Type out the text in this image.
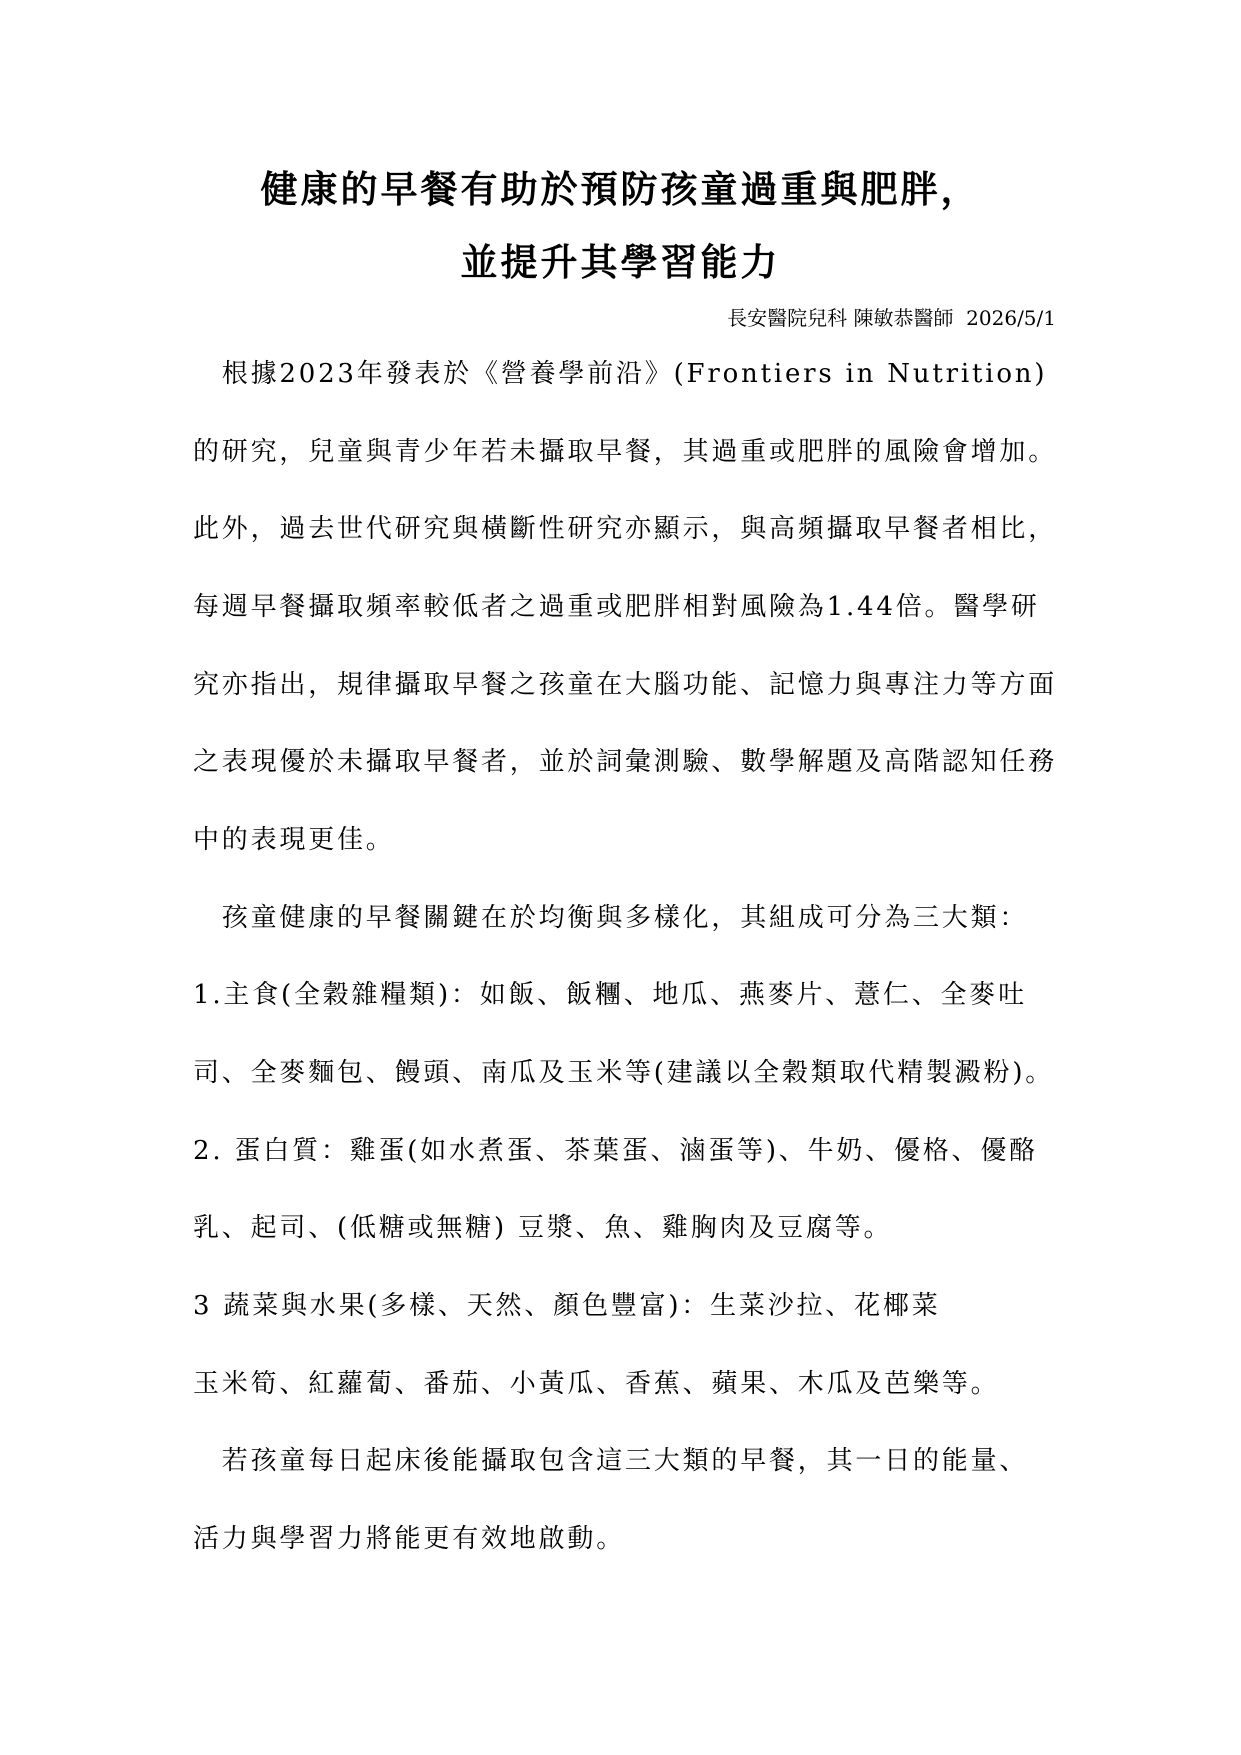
健康的早餐有助於預防孩童過重與肥胖，
並提升其學習能力
長安醫院兒科 陳敏恭醫師  2026/5/1
　根據2023年發表於《營養學前沿》(Frontiers in Nutrition)
的研究，兒童與青少年若未攝取早餐，其過重或肥胖的風險會增加。
此外，過去世代研究與橫斷性研究亦顯示，與高頻攝取早餐者相比，
每週早餐攝取頻率較低者之過重或肥胖相對風險為1.44倍。醫學研
究亦指出，規律攝取早餐之孩童在大腦功能、記憶力與專注力等方面
之表現優於未攝取早餐者，並於詞彙測驗、數學解題及高階認知任務
中的表現更佳。
　孩童健康的早餐關鍵在於均衡與多樣化，其組成可分為三大類：
1.主食(全穀雜糧類)：如飯、飯糰、地瓜、燕麥片、薏仁、全麥吐
司、全麥麵包、饅頭、南瓜及玉米等(建議以全穀類取代精製澱粉)。
2. 蛋白質：雞蛋(如水煮蛋、茶葉蛋、滷蛋等)、牛奶、優格、優酪
乳、起司、(低糖或無糖) 豆漿、魚、雞胸肉及豆腐等。
3 蔬菜與水果(多樣、天然、顏色豐富)：生菜沙拉、花椰菜
玉米筍、紅蘿蔔、番茄、小黃瓜、香蕉、蘋果、木瓜及芭樂等。
　若孩童每日起床後能攝取包含這三大類的早餐，其一日的能量、
活力與學習力將能更有效地啟動。
